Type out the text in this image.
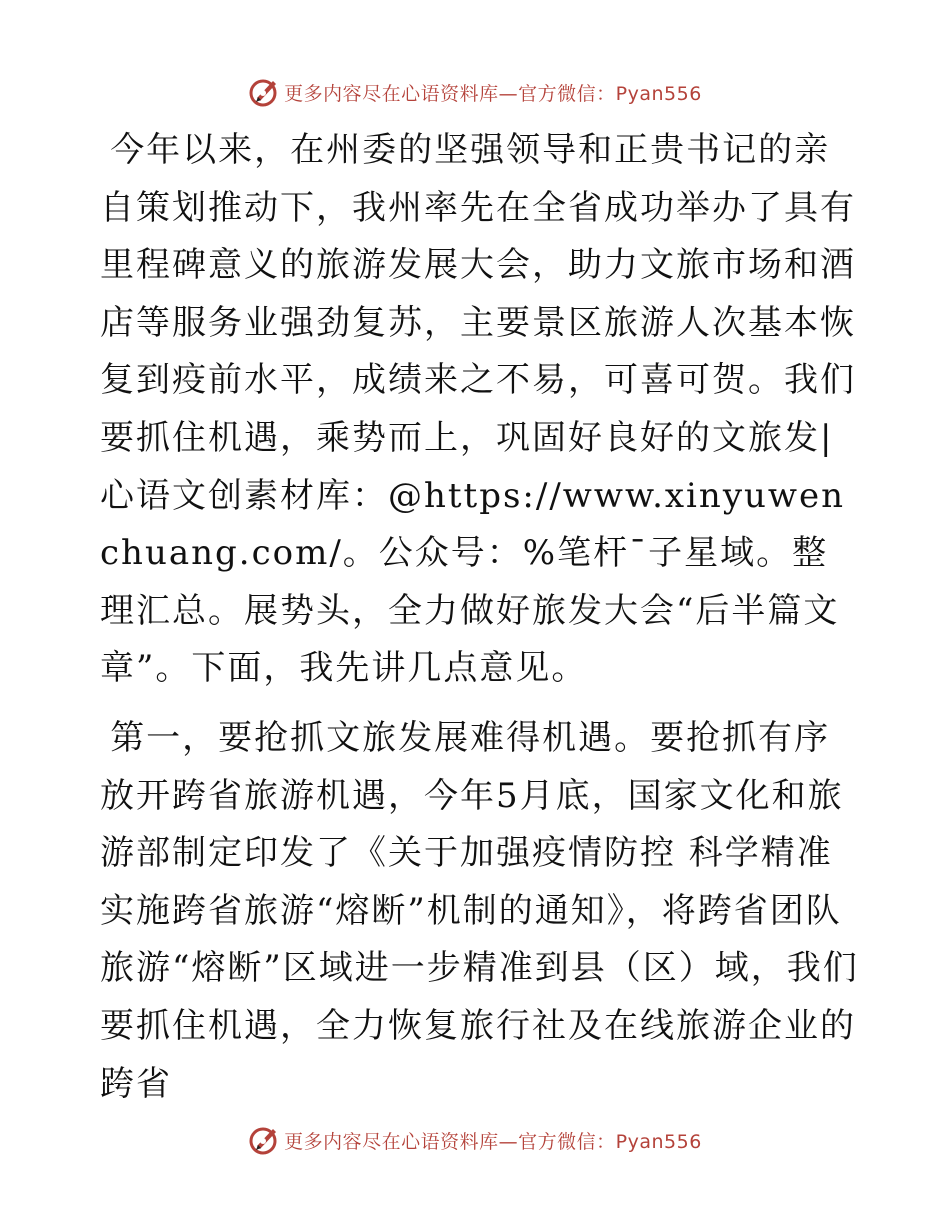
更多内容尽在心语资料库—官方微信：Pyan556

今年以来，在州委的坚强领导和正贵书记的亲自策划推动下，我州率先在全省成功举办了具有里程碑意义的旅游发展大会，助力文旅市场和酒店等服务业强劲复苏，主要景区旅游人次基本恢复到疫前水平，成绩来之不易，可喜可贺。我们要抓住机遇，乘势而上，巩固好良好的文旅发|心语文创素材库：@https://www.xinyuwenchuang.com/。公众号：%笔杆¯子星域。整理汇总。展势头，全力做好旅发大会“后半篇文章”。下面，我先讲几点意见。

第一，要抢抓文旅发展难得机遇。要抢抓有序放开跨省旅游机遇，今年5月底，国家文化和旅游部制定印发了《关于加强疫情防控 科学精准实施跨省旅游“熔断”机制的通知》，将跨省团队旅游“熔断”区域进一步精准到县（区）域，我们要抓住机遇，全力恢复旅行社及在线旅游企业的跨省

更多内容尽在心语资料库—官方微信：Pyan556
